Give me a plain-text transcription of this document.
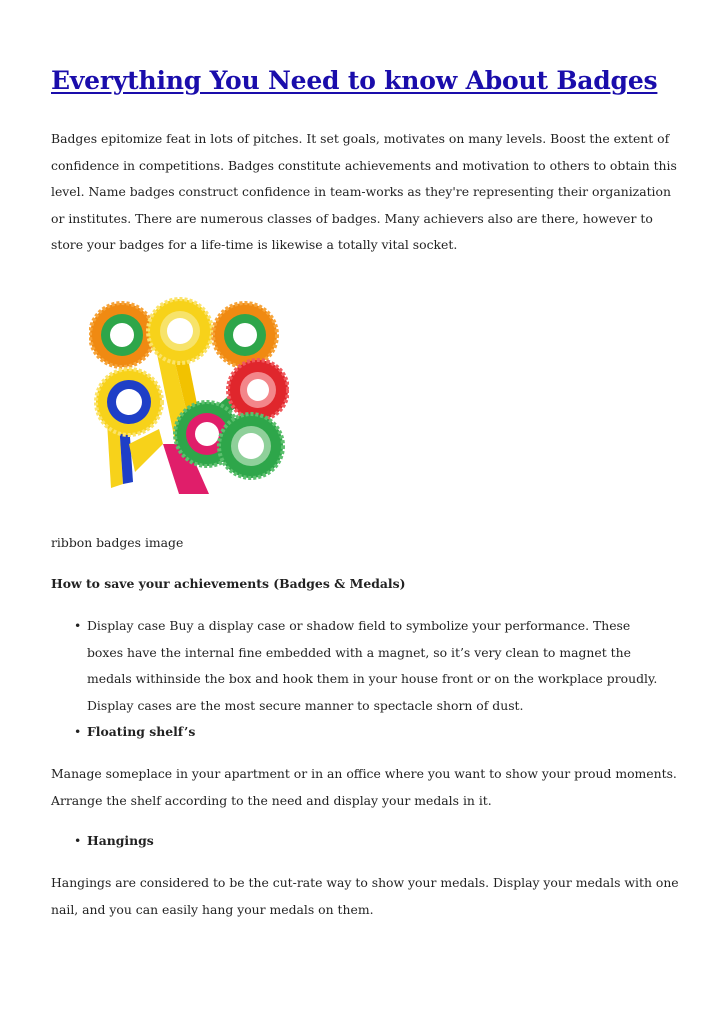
Everything You Need to know About Badges

Badges epitomize feat in lots of pitches. It set goals, motivates on many levels. Boost the extent of confidence in competitions. Badges constitute achievements and motivation to others to obtain this level. Name badges construct confidence in team-works as they're representing their organization or institutes. There are numerous classes of badges. Many achievers also are there, however to store your badges for a life-time is likewise a totally vital socket.

ribbon badges image

How to save your achievements (Badges & Medals)

• Display case Buy a display case or shadow field to symbolize your performance. These boxes have the internal fine embedded with a magnet, so it’s very clean to magnet the medals withinside the box and hook them in your house front or on the workplace proudly. Display cases are the most secure manner to spectacle shorn of dust.
• Floating shelf’s

Manage someplace in your apartment or in an office where you want to show your proud moments. Arrange the shelf according to the need and display your medals in it.

• Hangings

Hangings are considered to be the cut-rate way to show your medals. Display your medals with one nail, and you can easily hang your medals on them.
